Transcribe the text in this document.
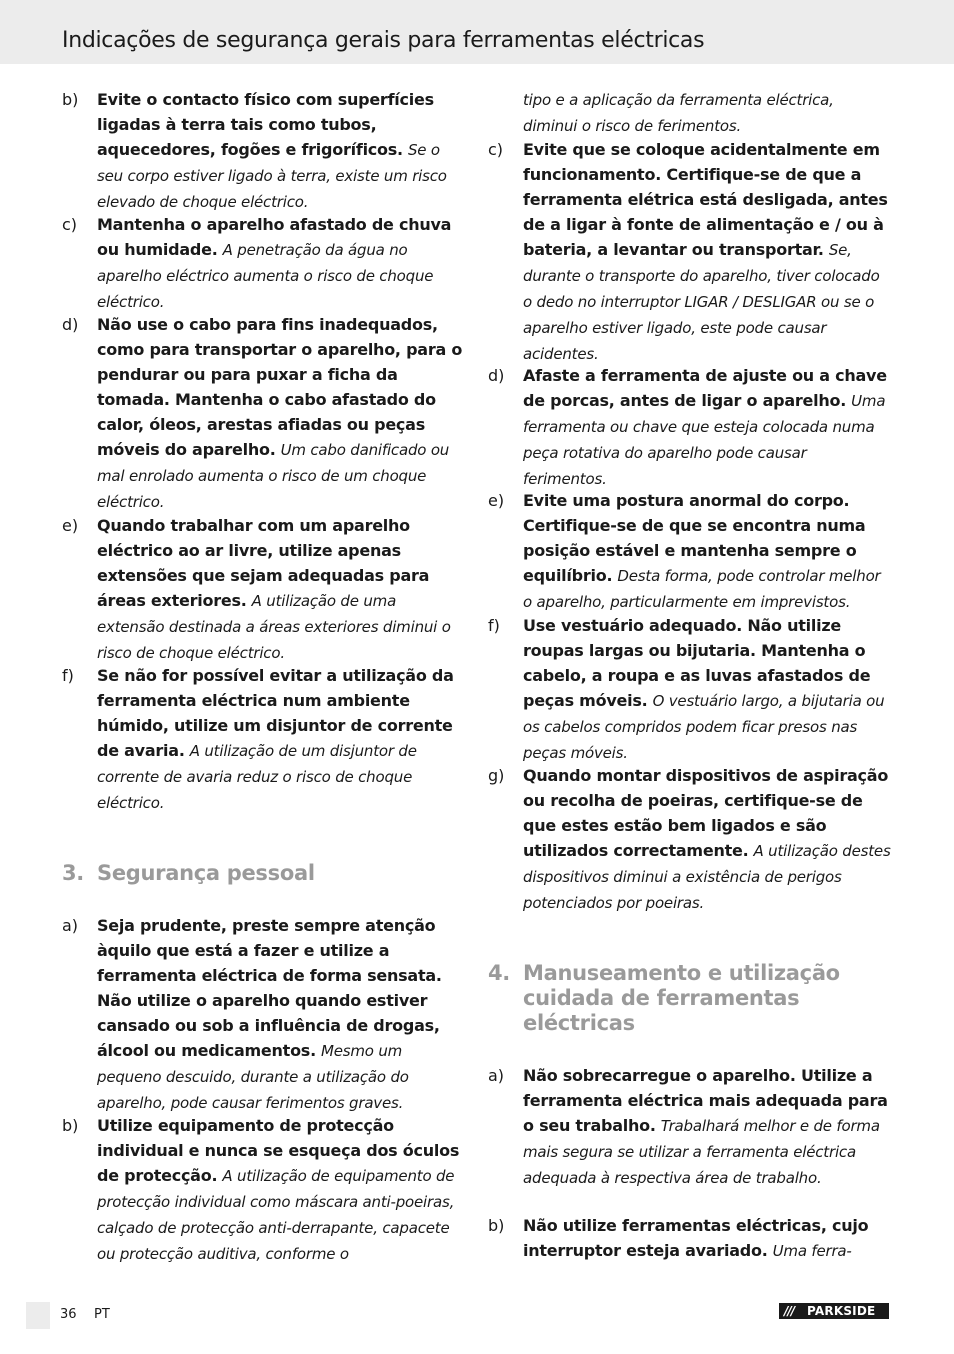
Indicações de segurança gerais para ferramentas eléctricas
b)	Evite o contacto físico com superfícies ligadas à terra tais como tubos, aquecedores, fogões e frigoríficos. Se o seu corpo estiver ligado à terra, existe um risco elevado de choque eléctrico.
c)	Mantenha o aparelho afastado de chuva ou humidade. A penetração da água no aparelho eléctrico aumenta o risco de choque eléctrico.
d)	Não use o cabo para fins inadequados, como para transportar o aparelho, para o pendurar ou para puxar a ficha da tomada. Mantenha o cabo afastado do calor, óleos, arestas afiadas ou peças móveis do aparelho. Um cabo danificado ou mal enrolado aumenta o risco de um choque eléctrico.
e)	Quando trabalhar com um aparelho eléctrico ao ar livre, utilize apenas extensões que sejam adequadas para áreas exteriores. A utilização de uma extensão destinada a áreas exteriores diminui o risco de choque eléctrico.
f)	Se não for possível evitar a utilização da ferramenta eléctrica num ambiente húmido, utilize um disjuntor de corrente de avaria. A utilização de um disjuntor de corrente de avaria reduz o risco de choque eléctrico.
3. Segurança pessoal
a)	Seja prudente, preste sempre atenção àquilo que está a fazer e utilize a ferramenta eléctrica de forma sensata. Não utilize o aparelho quando estiver cansado ou sob a influência de drogas, álcool ou medicamentos. Mesmo um pequeno descuido, durante a utilização do aparelho, pode causar ferimentos graves.
b)	Utilize equipamento de protecção individual e nunca se esqueça dos óculos de protecção. A utilização de equipamento de protecção individual como máscara anti-poeiras, calçado de protecção anti-derrapante, capacete ou protecção auditiva, conforme o
tipo e a aplicação da ferramenta eléctrica, diminui o risco de ferimentos.
c)	Evite que se coloque acidentalmente em funcionamento. Certifique-se de que a ferramenta elétrica está desligada, antes de a ligar à fonte de alimentação e / ou à bateria, a levantar ou transportar. Se, durante o transporte do aparelho, tiver colocado o dedo no interruptor LIGAR / DESLIGAR ou se o aparelho estiver ligado, este pode causar acidentes.
d)	Afaste a ferramenta de ajuste ou a chave de porcas, antes de ligar o aparelho. Uma ferramenta ou chave que esteja colocada numa peça rotativa do aparelho pode causar ferimentos.
e)	Evite uma postura anormal do corpo. Certifique-se de que se encontra numa posição estável e mantenha sempre o equilíbrio. Desta forma, pode controlar melhor o aparelho, particularmente em imprevistos.
f)	Use vestuário adequado. Não utilize roupas largas ou bijutaria. Mantenha o cabelo, a roupa e as luvas afastados de peças móveis. O vestuário largo, a bijutaria ou os cabelos compridos podem ficar presos nas peças móveis.
g)	Quando montar dispositivos de aspiração ou recolha de poeiras, certifique-se de que estes estão bem ligados e são utilizados correctamente. A utilização destes dispositivos diminui a existência de perigos potenciados por poeiras.
4. Manuseamento e utilização cuidada de ferramentas eléctricas
a)	Não sobrecarregue o aparelho. Utilize a ferramenta eléctrica mais adequada para o seu trabalho. Trabalhará melhor e de forma mais segura se utilizar a ferramenta eléctrica adequada à respectiva área de trabalho.
b)	Não utilize ferramentas eléctricas, cujo interruptor esteja avariado. Uma ferra-
36 PT	/// PARKSIDE
